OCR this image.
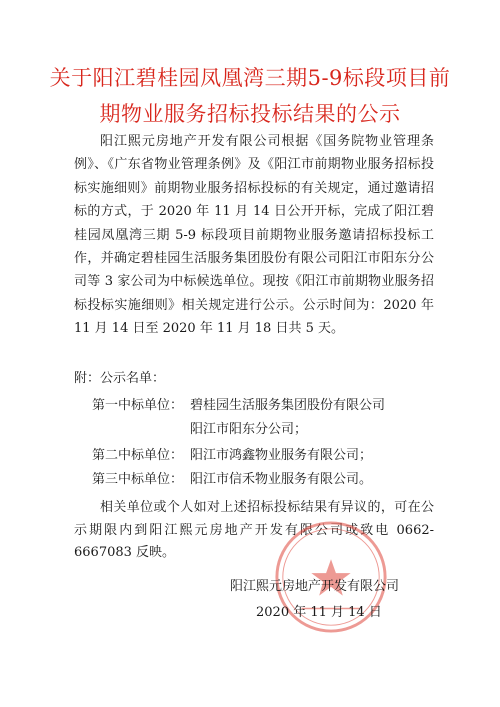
关于阳江碧桂园凤凰湾三期5-9标段项目前
期物业服务招标投标结果的公示
阳江熙元房地产开发有限公司根据《国务院物业管理条例》、《广东省物业管理条例》及《阳江市前期物业服务招标投标实施细则》前期物业服务招标投标的有关规定，通过邀请招标的方式，于 2020 年 11 月 14 日公开开标，完成了阳江碧桂园凤凰湾三期 5-9 标段项目前期物业服务邀请招标投标工作，并确定碧桂园生活服务集团股份有限公司阳江市阳东分公司等 3 家公司为中标候选单位。现按《阳江市前期物业服务招标投标实施细则》相关规定进行公示。公示时间为：2020 年 11 月 14 日至 2020 年 11 月 18 日共 5 天。
附：公示名单：
第一中标单位： 碧桂园生活服务集团股份有限公司
阳江市阳东分公司；
第二中标单位： 阳江市鸿鑫物业服务有限公司；
第三中标单位： 阳江市信禾物业服务有限公司。
相关单位或个人如对上述招标投标结果有异议的，可在公示期限内到阳江熙元房地产开发有限公司或致电 0662-6667083 反映。
阳江熙元房地产开发有限公司
2020 年 11 月 14 日
